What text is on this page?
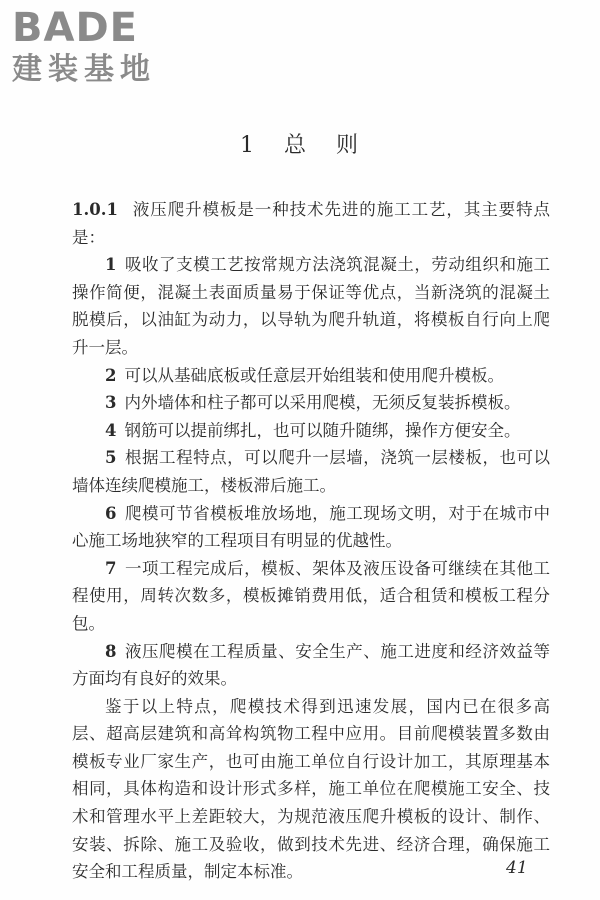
BADE
建装基地
1 总 则

1.0.1 液压爬升模板是一种技术先进的施工工艺，其主要特点是：

1 吸收了支模工艺按常规方法浇筑混凝土，劳动组织和施工操作简便，混凝土表面质量易于保证等优点，当新浇筑的混凝土脱模后，以油缸为动力，以导轨为爬升轨道，将模板自行向上爬升一层。

2 可以从基础底板或任意层开始组装和使用爬升模板。

3 内外墙体和柱子都可以采用爬模，无须反复装拆模板。

4 钢筋可以提前绑扎，也可以随升随绑，操作方便安全。

5 根据工程特点，可以爬升一层墙，浇筑一层楼板，也可以墙体连续爬模施工，楼板滞后施工。

6 爬模可节省模板堆放场地，施工现场文明，对于在城市中心施工场地狭窄的工程项目有明显的优越性。

7 一项工程完成后，模板、架体及液压设备可继续在其他工程使用，周转次数多，模板摊销费用低，适合租赁和模板工程分包。

8 液压爬模在工程质量、安全生产、施工进度和经济效益等方面均有良好的效果。

鉴于以上特点，爬模技术得到迅速发展，国内已在很多高层、超高层建筑和高耸构筑物工程中应用。目前爬模装置多数由模板专业厂家生产，也可由施工单位自行设计加工，其原理基本相同，具体构造和设计形式多样，施工单位在爬模施工安全、技术和管理水平上差距较大，为规范液压爬升模板的设计、制作、安装、拆除、施工及验收，做到技术先进、经济合理，确保施工安全和工程质量，制定本标准。	41
